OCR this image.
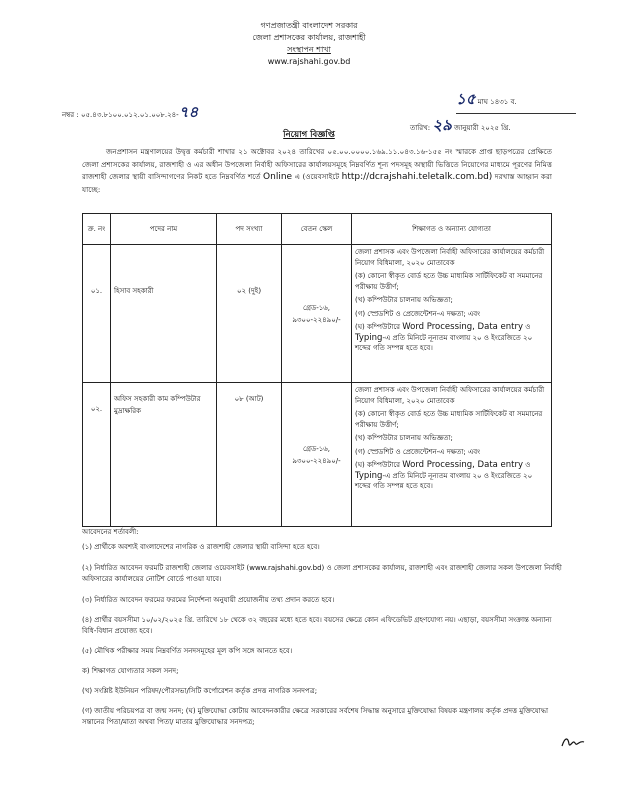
গণপ্রজাতন্ত্রী বাংলাদেশ সরকার
জেলা প্রশাসকের কার্যালয়, রাজশাহী
সংস্থাপন শাখা
www.rajshahi.gov.bd
নম্বর : ০৫.৪৩.৮১০০.০১২.০১.০০৮.২৪-৭৪
১৫ মাঘ ১৪৩১ ব.
তারিখ: ২৯ জানুয়ারী ২০২৫ খ্রি.
নিয়োগ বিজ্ঞপ্তি
জনপ্রশাসন মন্ত্রণালয়ের উদ্বৃত্ত কর্মচারী শাখার ২১ অক্টোবর ২০২৪ তারিখের ০৫.০০.০০০০.১৬৯.১১.০৪৩.১৬-১৫৫ নং স্মারকে প্রাপ্ত ছাড়পত্রের প্রেক্ষিতে জেলা প্রশাসকের কার্যালয়, রাজশাহী ও এর অধীন উপজেলা নির্বাহী অফিসারের কার্যালয়সমূহে নিম্নবর্ণিত শূন্য পদসমূহ অস্থায়ী ভিত্তিতে নিয়োগের মাধ্যমে পূরণের নিমিত্ত রাজশাহী জেলার স্থায়ী বাসিন্দাগণের নিকট হতে নিম্নবর্ণিত শর্তে Online এ (ওয়েবসাইটে http://dcrajshahi.teletalk.com.bd) দরখাস্ত আহ্বান করা যাচ্ছে:
ক্র. নং	পদের নাম	পদ সংখ্যা	বেতন স্কেল	শিক্ষাগত ও অন্যান্য যোগ্যতা
০১.	হিসাব সহকারী	০২ (দুই)	গ্রেড-১৬, ৯৩০০-২২৪৯০/-	জেলা প্রশাসক এবং উপজেলা নির্বাহী অফিসারের কার্যালয়ের কর্মচারী নিয়োগ বিধিমালা, ২০২০ মোতাবেক

(ক) কোনো স্বীকৃত বোর্ড হতে উচ্চ মাধ্যমিক সার্টিফিকেট বা সমমানের পরীক্ষায় উত্তীর্ণ;

(খ) কম্পিউটার চালনায় অভিজ্ঞতা;

(গ) স্প্রেডশিট ও প্রেজেন্টেশন-এ দক্ষতা; এবং

(ঘ) কম্পিউটারে Word Processing, Data entry ও Typing-এ প্রতি মিনিটে নূন্যতম বাংলায় ২০ ও ইংরেজিতে ২০ শব্দের গতি সম্পন্ন হতে হবে।

০২.	অফিস সহকারী কাম কম্পিউটার মুদ্রাক্ষরিক	০৮ (আট)	গ্রেড-১৬, ৯৩০০-২২৪৯০/-	জেলা প্রশাসক এবং উপজেলা নির্বাহী অফিসারের কার্যালয়ের কর্মচারী নিয়োগ বিধিমালা, ২০২০ মোতাবেক

(ক) কোনো স্বীকৃত বোর্ড হতে উচ্চ মাধ্যমিক সার্টিফিকেট বা সমমানের পরীক্ষায় উত্তীর্ণ;

(খ) কম্পিউটার চালনায় অভিজ্ঞতা;

(গ) স্প্রেডশিট ও প্রেজেন্টেশন-এ দক্ষতা; এবং

(ঘ) কম্পিউটারে Word Processing, Data entry ও Typing-এ প্রতি মিনিটে নূন্যতম বাংলায় ২০ ও ইংরেজিতে ২০ শব্দের গতি সম্পন্ন হতে হবে।

আবেদনের শর্তাবলী:

(১) প্রার্থীকে অবশ্যই বাংলাদেশের নাগরিক ও রাজশাহী জেলার স্থায়ী বাসিন্দা হতে হবে।

(২) নির্ধারিত আবেদন ফরমটি রাজশাহী জেলার ওয়েবসাইট (www.rajshahi.gov.bd) ও জেলা প্রশাসকের কার্যালয়, রাজশাহী এবং রাজশাহী জেলার সকল উপজেলা নির্বাহী অফিসারের কার্যালয়ের নোটিশ বোর্ডে পাওয়া যাবে।

(৩) নির্ধারিত আবেদন ফরমের ফরমের নির্দেশনা অনুযায়ী প্রয়োজনীয় তথ্য প্রদান করতে হবে।

(৪) প্রার্থীর বয়সসীমা ১০/০২/২০২৫ খ্রি. তারিখে ১৮ থেকে ৩২ বছরের মধ্যে হতে হবে। বয়সের ক্ষেত্রে কোন এফিডেভিট গ্রহণযোগ্য নয়। এছাড়া, বয়সসীমা সংক্রান্ত অন্যান্য বিধি-বিধান প্রযোজ্য হবে।

(৫) মৌখিক পরীক্ষার সময় নিম্নবর্ণিত সনদসমূহের মূল কপি সঙ্গে আনতে হবে।

ক) শিক্ষাগত যোগ্যতার সকল সনদ;

(খ) সংশ্লিষ্ট ইউনিয়ন পরিষদ/পৌরসভা/সিটি কর্পোরেশন কর্তৃক প্রদত্ত নাগরিক সনদপত্র;

(গ) জাতীয় পরিচয়পত্র বা জন্ম সনদ; (ঘ) মুক্তিযোদ্ধা কোটায় আবেদনকারীর ক্ষেত্রে সরকারের সর্বশেষ সিদ্ধান্ত অনুসারে মুক্তিযোদ্ধা বিষয়ক মন্ত্রণালয় কর্তৃক প্রদত্ত মুক্তিযোদ্ধা সন্তানের পিতা/মাতা অথবা পিতা/ মাতার মুক্তিযোদ্ধার সনদপত্র;
